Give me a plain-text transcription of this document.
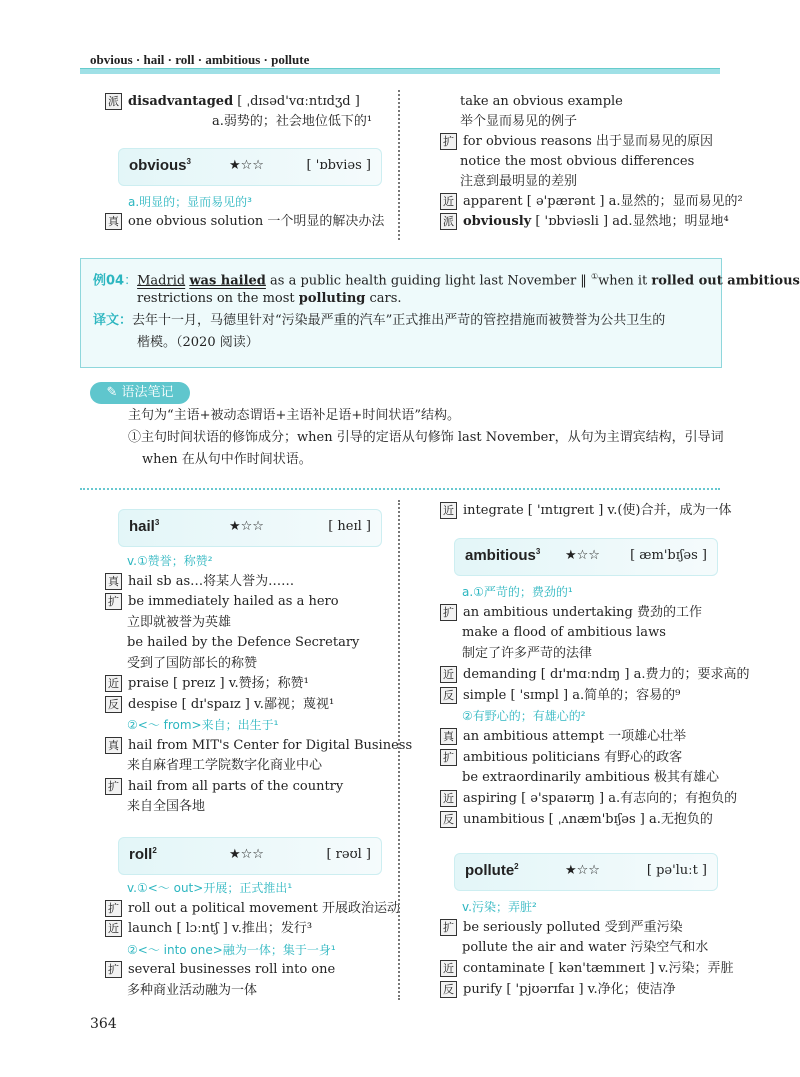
obvious · hail · roll · ambitious · pollute
派 disadvantaged [ ˌdɪsəd'vɑːntɪdʒd ]
a.弱势的；社会地位低下的¹
obvious$^3$	★☆☆	[ 'ɒbviəs ]
a.明显的；显而易见的³
真 one obvious solution 一个明显的解决办法
take an obvious example
举个显而易见的例子
扩 for obvious reasons 出于显而易见的原因
notice the most obvious differences
注意到最明显的差别
近 apparent [ ə'pærənt ] a.显然的；显而易见的²
派 obviously [ 'ɒbviəsli ] ad.显然地；明显地⁴
例04：Madrid was hailed as a public health guiding light last November ‖ ①when it rolled out ambitious
restrictions on the most polluting cars.
译文：去年十一月，马德里针对“污染最严重的汽车”正式推出严苛的管控措施而被赞誉为公共卫生的
楷模。（2020 阅读）
✎ 语法笔记
主句为“主语+被动态谓语+主语补足语+时间状语”结构。
①主句时间状语的修饰成分；when 引导的定语从句修饰 last November，从句为主谓宾结构，引导词
when 在从句中作时间状语。
hail$^3$	★☆☆	[ heɪl ]
v.①赞誉；称赞²
真 hail sb as…将某人誉为……
扩 be immediately hailed as a hero
立即就被誉为英雄
be hailed by the Defence Secretary
受到了国防部长的称赞
近 praise [ preɪz ] v.赞扬；称赞¹
反 despise [ dɪ'spaɪz ] v.鄙视；蔑视¹
②<～ from>来自；出生于¹
真 hail from MIT's Center for Digital Business
来自麻省理工学院数字化商业中心
扩 hail from all parts of the country
来自全国各地
roll$^2$	★☆☆	[ rəʊl ]
v.①<～ out>开展；正式推出¹
扩 roll out a political movement 开展政治运动
近 launch [ lɔːntʃ ] v.推出；发行³
②<～ into one>融为一体；集于一身¹
扩 several businesses roll into one
多种商业活动融为一体
近 integrate [ 'ɪntɪɡreɪt ] v.(使)合并，成为一体
ambitious$^3$ ★☆☆ [ æm'bɪʃəs ]
a.①严苛的；费劲的¹
扩 an ambitious undertaking 费劲的工作
make a flood of ambitious laws
制定了许多严苛的法律
近 demanding [ dɪ'mɑːndɪŋ ] a.费力的；要求高的
反 simple [ 'sɪmpl ] a.简单的；容易的⁹
②有野心的；有雄心的²
真 an ambitious attempt 一项雄心壮举
扩 ambitious politicians 有野心的政客
be extraordinarily ambitious 极其有雄心
近 aspiring [ ə'spaɪərɪŋ ] a.有志向的；有抱负的
反 unambitious [ ˌʌnæm'bɪʃəs ] a.无抱负的
pollute$^2$	★☆☆	[ pə'luːt ]
v.污染；弄脏²
扩 be seriously polluted 受到严重污染
pollute the air and water 污染空气和水
近 contaminate [ kən'tæmɪneɪt ] v.污染；弄脏
反 purify [ 'pjʊərɪfaɪ ] v.净化；使洁净
364
